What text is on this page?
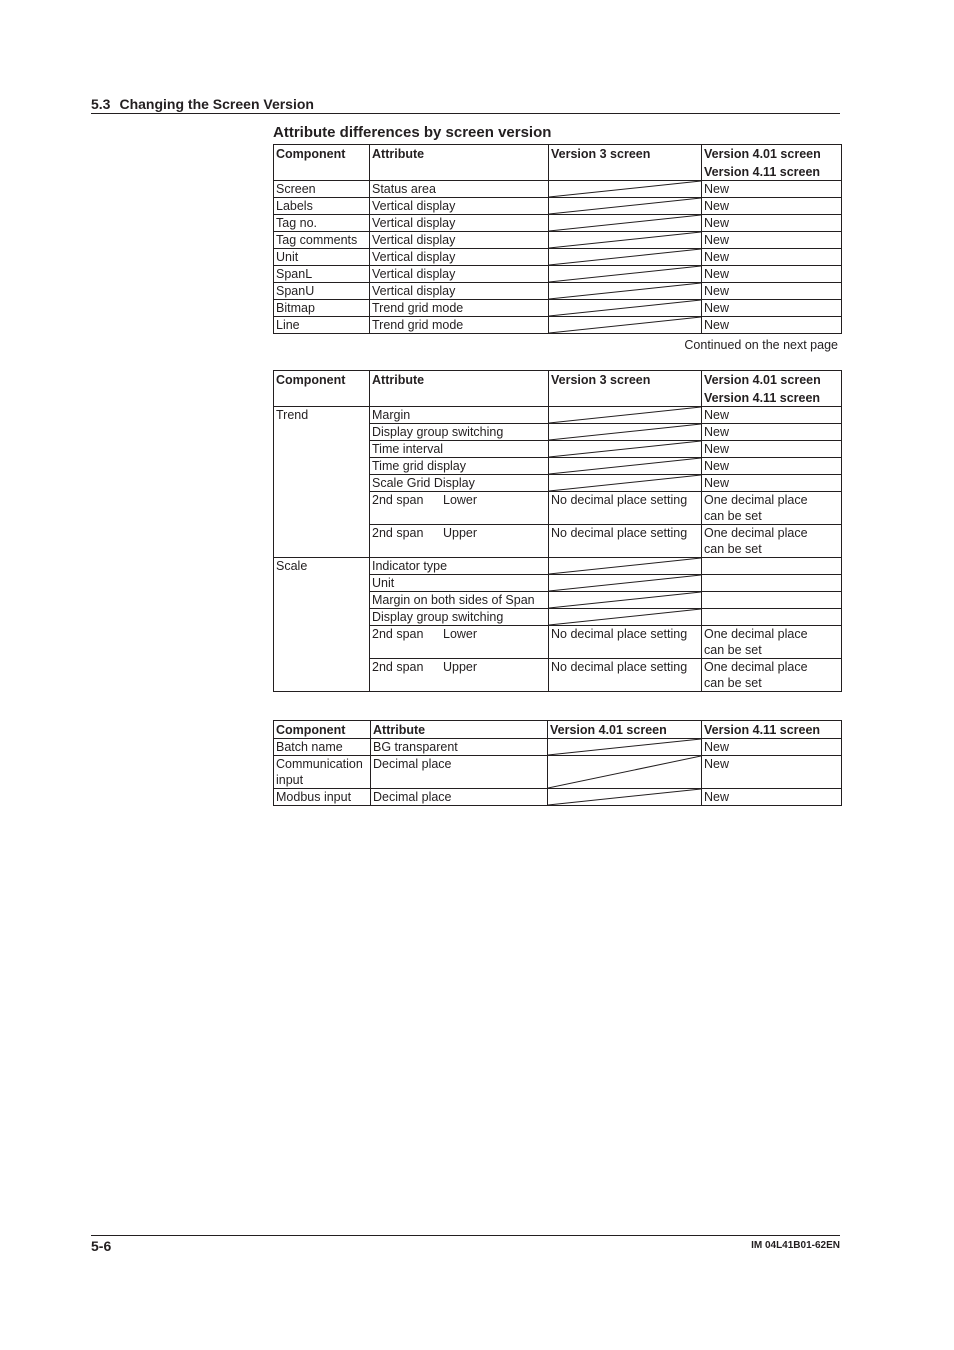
5.3 Changing the Screen Version
Attribute differences by screen version
Component	Attribute	Version 3 screen	Version 4.01 screen
Version 4.11 screen

Screen	Status area		New
Labels	Vertical display		New
Tag no.	Vertical display		New
Tag comments	Vertical display		New
Unit	Vertical display		New
SpanL	Vertical display		New
SpanU	Vertical display		New
Bitmap	Trend grid mode		New
Line	Trend grid mode		New
Continued on the next page
Component	Attribute	Version 3 screen	Version 4.01 screen
Version 4.11 screen

Trend	Margin		New
	Display group switching		New
	Time interval		New
	Time grid display		New
	Scale Grid Display		New
	2nd span Lower	No decimal place setting	One decimal place
can be set

	2nd span Upper	No decimal place setting	One decimal place
can be set

Scale	Indicator type	

	Unit	

	Margin on both sides of Span	

	Display group switching	

	2nd span Lower	No decimal place setting	One decimal place
can be set

	2nd span Upper	No decimal place setting	One decimal place
can be set
Component	Attribute	Version 4.01 screen	Version 4.11 screen
Batch name	BG transparent		New

Communication
input	Decimal place		New
Modbus input	Decimal place		New
5-6	IM 04L41B01-62EN
